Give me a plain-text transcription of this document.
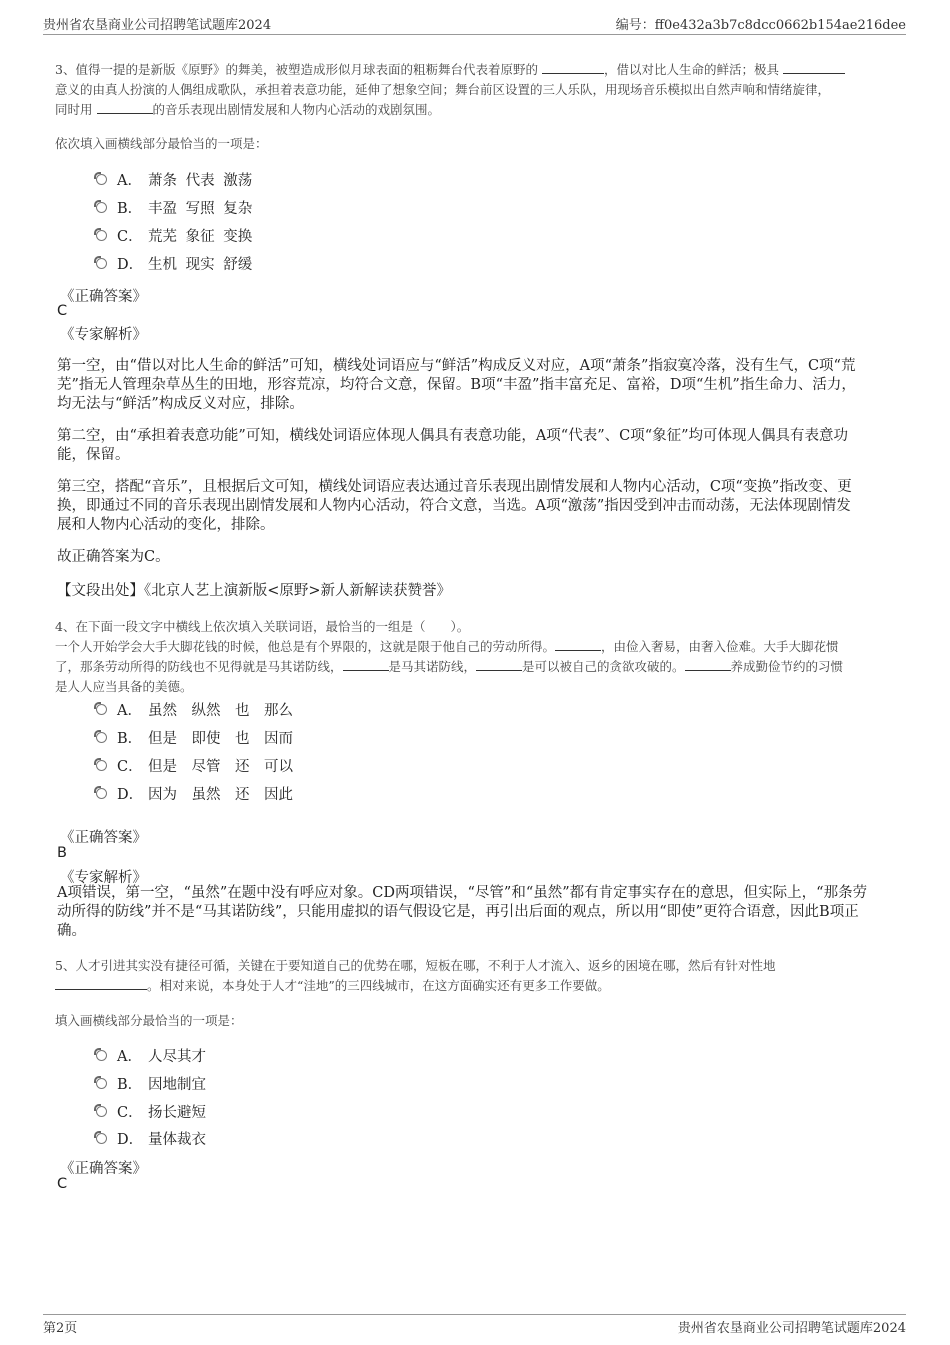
贵州省农垦商业公司招聘笔试题库2024	编号：ff0e432a3b7c8dcc0662b154ae216dee
3、值得一提的是新版《原野》的舞美，被塑造成形似月球表面的粗粝舞台代表着原野的	，借以对比人生命的鲜活；极具
意义的由真人扮演的人偶组成歌队，承担着表意功能，延伸了想象空间；舞台前区设置的三人乐队，用现场音乐模拟出自然声响和情绪旋律，
同时用	的音乐表现出剧情发展和人物内心活动的戏剧氛围。
依次填入画横线部分最恰当的一项是：
A． 萧条 代表 激荡
B． 丰盈 写照 复杂
C． 荒芜 象征 变换
D． 生机 现实 舒缓
《正确答案》
C
《专家解析》
第一空，由“借以对比人生命的鲜活”可知，横线处词语应与“鲜活”构成反义对应，A项“萧条”指寂寞冷落，没有生气，C项“荒
芜”指无人管理杂草丛生的田地，形容荒凉，均符合文意，保留。B项“丰盈”指丰富充足、富裕，D项“生机”指生命力、活力，
均无法与“鲜活”构成反义对应，排除。
第二空，由“承担着表意功能”可知，横线处词语应体现人偶具有表意功能，A项“代表”、C项“象征”均可体现人偶具有表意功
能，保留。
第三空，搭配“音乐”，且根据后文可知，横线处词语应表达通过音乐表现出剧情发展和人物内心活动，C项“变换”指改变、更
换，即通过不同的音乐表现出剧情发展和人物内心活动，符合文意，当选。A项“激荡”指因受到冲击而动荡，无法体现剧情发
展和人物内心活动的变化，排除。
故正确答案为C。
【文段出处】《北京人艺上演新版<原野>新人新解读获赞誉》
4、在下面一段文字中横线上依次填入关联词语，最恰当的一组是（　　）。
一个人开始学会大手大脚花钱的时候，他总是有个界限的，这就是限于他自己的劳动所得。	，由俭入奢易，由奢入俭难。大手大脚花惯
了，那条劳动所得的防线也不见得就是马其诺防线，	是马其诺防线，	是可以被自己的贪欲攻破的。	养成勤俭节约的习惯
是人人应当具备的美德。
A． 虽然　纵然　也　那么
B． 但是　即使　也　因而
C． 但是　尽管　还　可以
D． 因为　虽然　还　因此
《正确答案》
B
《专家解析》
A项错误，第一空，“虽然”在题中没有呼应对象。CD两项错误，“尽管”和“虽然”都有肯定事实存在的意思，但实际上，“那条劳
动所得的防线”并不是“马其诺防线”，只能用虚拟的语气假设它是，再引出后面的观点，所以用“即使”更符合语意，因此B项正
确。
5、人才引进其实没有捷径可循，关键在于要知道自己的优势在哪，短板在哪，不利于人才流入、返乡的困境在哪，然后有针对性地
。相对来说，本身处于人才“洼地”的三四线城市，在这方面确实还有更多工作要做。
填入画横线部分最恰当的一项是：
A． 人尽其才
B． 因地制宜
C． 扬长避短
D． 量体裁衣
《正确答案》
C
第2页	贵州省农垦商业公司招聘笔试题库2024
